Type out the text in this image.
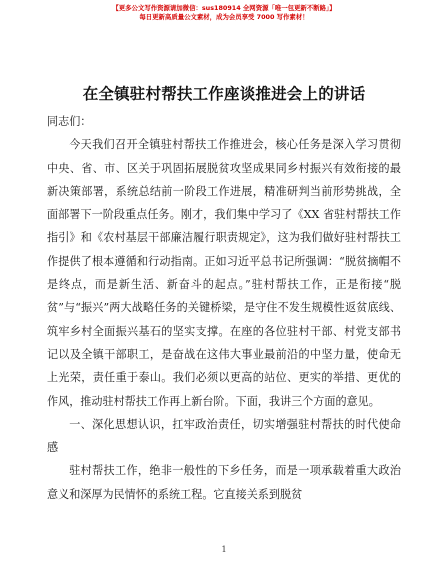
【更多公文写作资源请加微信：sus180914 全网资源「唯一包更新不断路」】
每日更新高质量公文素材，成为会员享受 7000 写作素材！
在全镇驻村帮扶工作座谈推进会上的讲话

同志们：

今天我们召开全镇驻村帮扶工作推进会，核心任务是深入学习贯彻中央、省、市、区关于巩固拓展脱贫攻坚成果同乡村振兴有效衔接的最新决策部署，系统总结前一阶段工作进展，精准研判当前形势挑战，全面部署下一阶段重点任务。刚才，我们集中学习了《XX 省驻村帮扶工作指引》和《农村基层干部廉洁履行职责规定》，这为我们做好驻村帮扶工作提供了根本遵循和行动指南。正如习近平总书记所强调：“脱贫摘帽不是终点，而是新生活、新奋斗的起点。”驻村帮扶工作，正是衔接“脱贫”与“振兴”两大战略任务的关键桥梁，是守住不发生规模性返贫底线、筑牢乡村全面振兴基石的坚实支撑。在座的各位驻村干部、村党支部书记以及全镇干部职工，是奋战在这伟大事业最前沿的中坚力量，使命无上光荣，责任重于泰山。我们必须以更高的站位、更实的举措、更优的作风，推动驻村帮扶工作再上新台阶。下面，我讲三个方面的意见。

一、深化思想认识，扛牢政治责任，切实增强驻村帮扶的时代使命感

驻村帮扶工作，绝非一般性的下乡任务，而是一项承载着重大政治意义和深厚为民情怀的系统工程。它直接关系到脱贫

1
